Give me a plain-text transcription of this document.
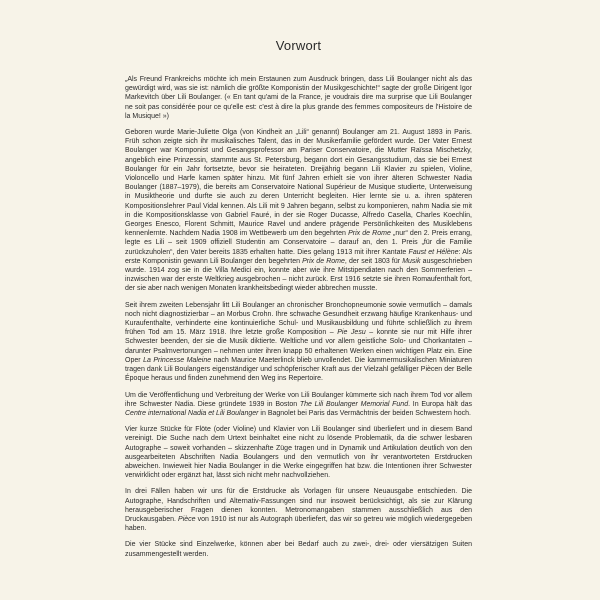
Vorwort

„Als Freund Frankreichs möchte ich mein Erstaunen zum Ausdruck bringen, dass Lili Boulanger nicht als das gewürdigt wird, was sie ist: nämlich die größte Komponistin der Musikgeschichte!“ sagte der große Dirigent Igor Markevitch über Lili Boulanger. (« En tant qu'ami de la France, je voudrais dire ma surprise que Lili Boulanger ne soit pas considérée pour ce qu'elle est: c'est à dire la plus grande des femmes compositeurs de l'Histoire de la Musique! »)

Geboren wurde Marie-Juliette Olga (von Kindheit an „Lili“ genannt) Boulanger am 21. August 1893 in Paris. Früh schon zeigte sich ihr musikalisches Talent, das in der Musikerfamilie gefördert wurde. Der Vater Ernest Boulanger war Komponist und Gesangsprofessor am Pariser Conservatoire, die Mutter Raïssa Mischetzky, angeblich eine Prinzessin, stammte aus St. Petersburg, begann dort ein Gesangsstudium, das sie bei Ernest Boulanger für ein Jahr fortsetzte, bevor sie heirateten. Dreijährig begann Lili Klavier zu spielen, Violine, Violoncello und Harfe kamen später hinzu. Mit fünf Jahren erhielt sie von ihrer älteren Schwester Nadia Boulanger (1887–1979), die bereits am Conservatoire National Supérieur de Musique studierte, Unterweisung in Musiktheorie und durfte sie auch zu deren Unterricht begleiten. Hier lernte sie u. a. ihren späteren Kompositionslehrer Paul Vidal kennen. Als Lili mit 9 Jahren begann, selbst zu komponieren, nahm Nadia sie mit in die Kompositionsklasse von Gabriel Fauré, in der sie Roger Ducasse, Alfredo Casella, Charles Koechlin, Georges Enesco, Florent Schmitt, Maurice Ravel und andere prägende Persönlichkeiten des Musiklebens kennenlernte. Nachdem Nadia 1908 im Wettbewerb um den begehrten Prix de Rome „nur“ den 2. Preis errang, legte es Lili – seit 1909 offiziell Studentin am Conservatoire – darauf an, den 1. Preis „für die Familie zurückzuholen“, den Vater bereits 1835 erhalten hatte. Dies gelang 1913 mit ihrer Kantate Faust et Hélène: Als erste Komponistin gewann Lili Boulanger den begehrten Prix de Rome, der seit 1803 für Musik ausgeschrieben wurde. 1914 zog sie in die Villa Medici ein, konnte aber wie ihre Mitstipendiaten nach den Sommerferien – inzwischen war der erste Weltkrieg ausgebrochen – nicht zurück. Erst 1916 setzte sie ihren Romaufenthalt fort, der sie aber nach wenigen Monaten krankheitsbedingt wieder abbrechen musste.

Seit ihrem zweiten Lebensjahr litt Lili Boulanger an chronischer Bronchopneumonie sowie vermutlich – damals noch nicht diagnostizierbar – an Morbus Crohn. Ihre schwache Gesundheit erzwang häufige Krankenhaus- und Kuraufenthalte, verhinderte eine kontinuierliche Schul- und Musikausbildung und führte schließlich zu ihrem frühen Tod am 15. März 1918. Ihre letzte große Komposition – Pie Jesu – konnte sie nur mit Hilfe ihrer Schwester beenden, der sie die Musik diktierte. Weltliche und vor allem geistliche Solo- und Chorkantaten – darunter Psalmvertonungen – nehmen unter ihren knapp 50 erhaltenen Werken einen wichtigen Platz ein. Eine Oper La Princesse Maleine nach Maurice Maeterlinck blieb unvollendet. Die kammermusikalischen Miniaturen tragen dank Lili Boulangers eigenständiger und schöpferischer Kraft aus der Vielzahl gefälliger Piècen der Belle Époque heraus und finden zunehmend den Weg ins Repertoire.

Um die Veröffentlichung und Verbreitung der Werke von Lili Boulanger kümmerte sich nach ihrem Tod vor allem ihre Schwester Nadia. Diese gründete 1939 in Boston The Lili Boulanger Memorial Fund. In Europa hält das Centre international Nadia et Lili Boulanger in Bagnolet bei Paris das Vermächtnis der beiden Schwestern hoch.

Vier kurze Stücke für Flöte (oder Violine) und Klavier von Lili Boulanger sind überliefert und in diesem Band vereinigt. Die Suche nach dem Urtext beinhaltet eine nicht zu lösende Problematik, da die schwer lesbaren Autographe – soweit vorhanden – skizzenhafte Züge tragen und in Dynamik und Artikulation deutlich von den ausgearbeiteten Abschriften Nadia Boulangers und den vermutlich von ihr verantworteten Erstdrucken abweichen. Inwieweit hier Nadia Boulanger in die Werke eingegriffen hat bzw. die Intentionen ihrer Schwester verwirklicht oder ergänzt hat, lässt sich nicht mehr nachvollziehen.

In drei Fällen haben wir uns für die Erstdrucke als Vorlagen für unsere Neuausgabe entschieden. Die Autographe, Handschriften und Alternativ-Fassungen sind nur insoweit berücksichtigt, als sie zur Klärung herausgeberischer Fragen dienen konnten. Metronomangaben stammen ausschließlich aus den Druckausgaben. Pièce von 1910 ist nur als Autograph überliefert, das wir so getreu wie möglich wiedergegeben haben.

Die vier Stücke sind Einzelwerke, können aber bei Bedarf auch zu zwei-, drei- oder viersätzigen Suiten zusammengestellt werden.
